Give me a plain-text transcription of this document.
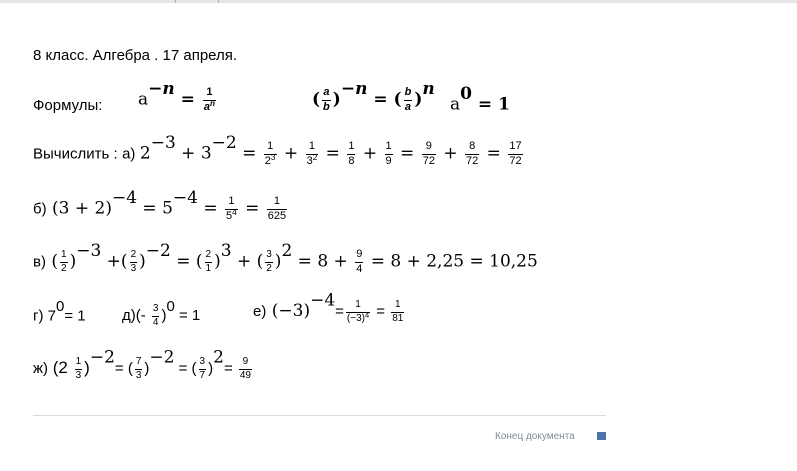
8 класс. Алгебра . 17 апреля.
Формулы: $a^{-n} = \frac{1}{a^n}$	( $\frac{a}{b} )^{-n}$ = ( $\frac{b}{a} )^n$
$a^0 = 1$
Вычислить : а) $2^{-3} + 3^{-2} = \frac{1}{2^3} + \frac{1}{3^2} = \frac{1}{8} + \frac{1}{9} = \frac{9}{72} + \frac{8}{72} = \frac{17}{72}$
б) $(3 + 2)^{-4} = 5^{-4} = \frac{1}{5^4} = \frac{1}{625}$
в) ( $\frac{1}{2} )^{-3}$ +( $\frac{2}{3} )^{-2}$ = ( $\frac{2}{1} )^3$ + ( $\frac{3}{2} )^2 = 8 + \frac{9}{4} = 8 + 2,25 = 10,25$
г) $7^0= 1$ $д)(- \frac{3}{4} )^0 = 1$	е) $(-3)^{-4}= \frac{1}{(-3)^4} = \frac{1}{81}$
ж) $(2 \frac{1}{3} )^{-2}=$ ( $\frac{7}{3} )^{-2}$ = ( $\frac{3}{7} )^2= \frac{9}{49}$
Конец документа
